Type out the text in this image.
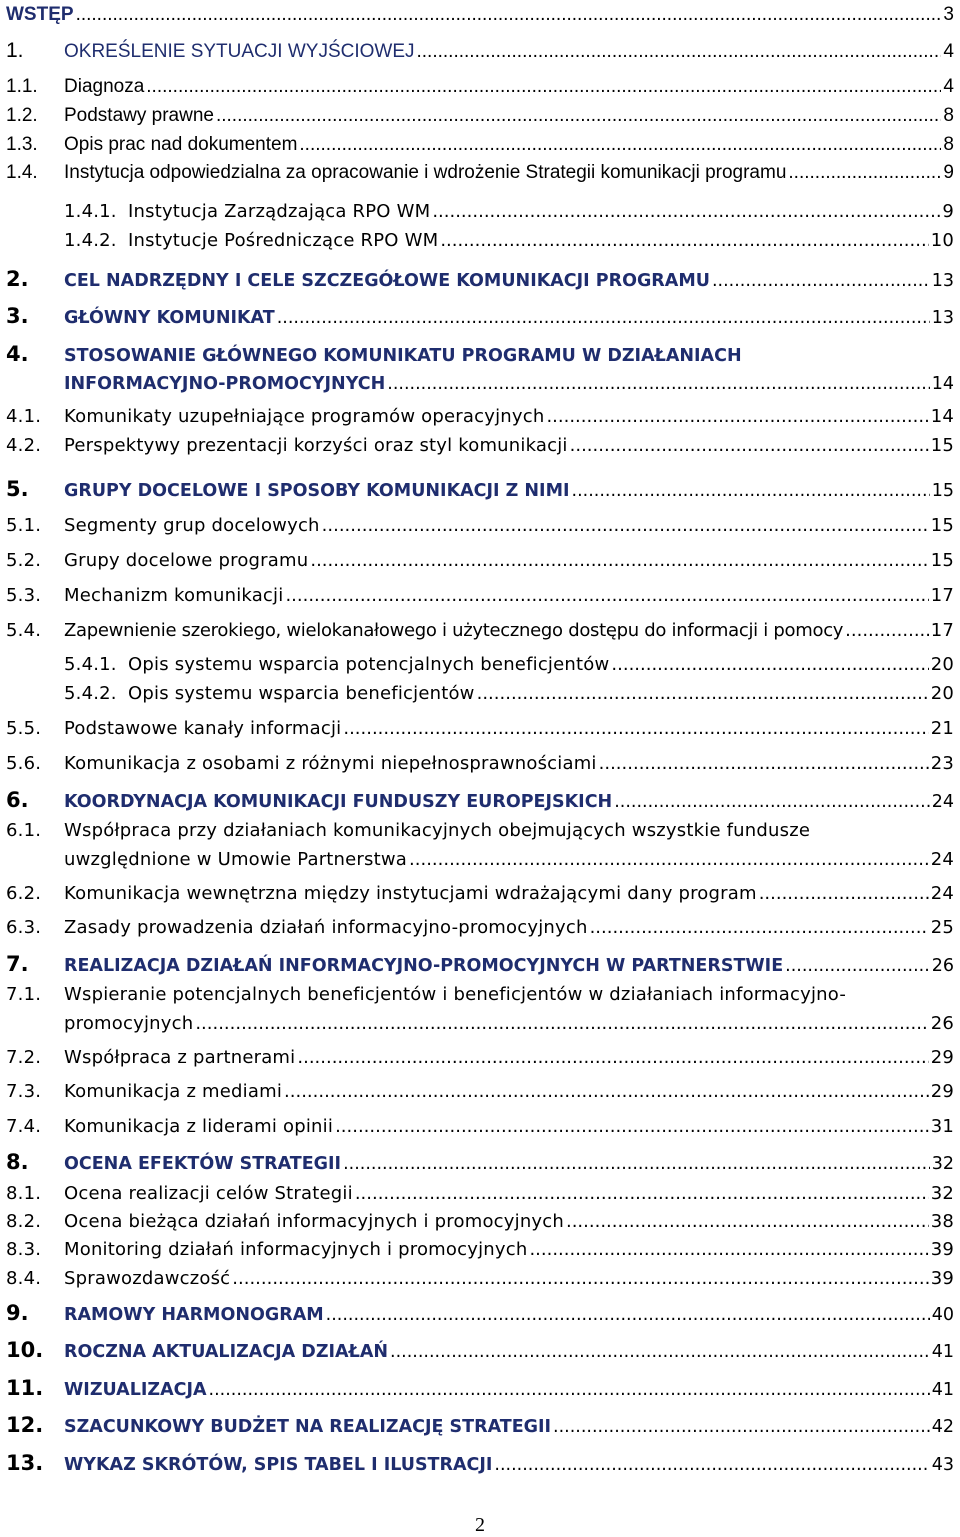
WSTĘP .....	3
1.	OKREŚLENIE SYTUACJI WYJŚCIOWEJ .....	4
1.1.	Diagnoza .....	4
1.2.	Podstawy prawne .....	8
1.3.	Opis prac nad dokumentem .....	8
1.4.	Instytucja odpowiedzialna za opracowanie i wdrożenie Strategii komunikacji programu .....	9
1.4.1. Instytucja Zarządzająca RPO WM .....	9
1.4.2. Instytucje Pośredniczące RPO WM .....	10
2.	CEL NADRZĘDNY I CELE SZCZEGÓŁOWE KOMUNIKACJI PROGRAMU .....	13
3.	GŁÓWNY KOMUNIKAT .....	13
4.	STOSOWANIE GŁÓWNEGO KOMUNIKATU PROGRAMU W DZIAŁANIACH
INFORMACYJNO-PROMOCYJNYCH .....	14
4.1.	Komunikaty uzupełniające programów operacyjnych .....	14
4.2.	Perspektywy prezentacji korzyści oraz styl komunikacji .....	15
5.	GRUPY DOCELOWE I SPOSOBY KOMUNIKACJI Z NIMI .....	15
5.1.	Segmenty grup docelowych .....	15
5.2.	Grupy docelowe programu .....	15
5.3.	Mechanizm komunikacji .....	17
5.4.	Zapewnienie szerokiego, wielokanałowego i użytecznego dostępu do informacji i pomocy .....	17
5.4.1. Opis systemu wsparcia potencjalnych beneficjentów .....	20
5.4.2. Opis systemu wsparcia beneficjentów .....	20
5.5.	Podstawowe kanały informacji .....	21
5.6.	Komunikacja z osobami z różnymi niepełnosprawnościami .....	23
6.	KOORDYNACJA KOMUNIKACJI FUNDUSZY EUROPEJSKICH .....	24
6.1.	Współpraca przy działaniach komunikacyjnych obejmujących wszystkie fundusze
uwzględnione w Umowie Partnerstwa .....	24
6.2.	Komunikacja wewnętrzna między instytucjami wdrażającymi dany program .....	24
6.3.	Zasady prowadzenia działań informacyjno-promocyjnych .....	25
7.	REALIZACJA DZIAŁAŃ INFORMACYJNO-PROMOCYJNYCH W PARTNERSTWIE .....	26
7.1.	Wspieranie potencjalnych beneficjentów i beneficjentów w działaniach informacyjno-
promocyjnych .....	26
7.2.	Współpraca z partnerami .....	29
7.3.	Komunikacja z mediami .....	29
7.4.	Komunikacja z liderami opinii .....	31
8.	OCENA EFEKTÓW STRATEGII .....	32
8.1.	Ocena realizacji celów Strategii .....	32
8.2.	Ocena bieżąca działań informacyjnych i promocyjnych .....	38
8.3.	Monitoring działań informacyjnych i promocyjnych .....	39
8.4.	Sprawozdawczość .....	39
9.	RAMOWY HARMONOGRAM .....	40
10.	ROCZNA AKTUALIZACJA DZIAŁAŃ .....	41
11.	WIZUALIZACJA .....	41
12.	SZACUNKOWY BUDŻET NA REALIZACJĘ STRATEGII .....	42
13.	WYKAZ SKRÓTÓW, SPIS TABEL I ILUSTRACJI .....	43
2
